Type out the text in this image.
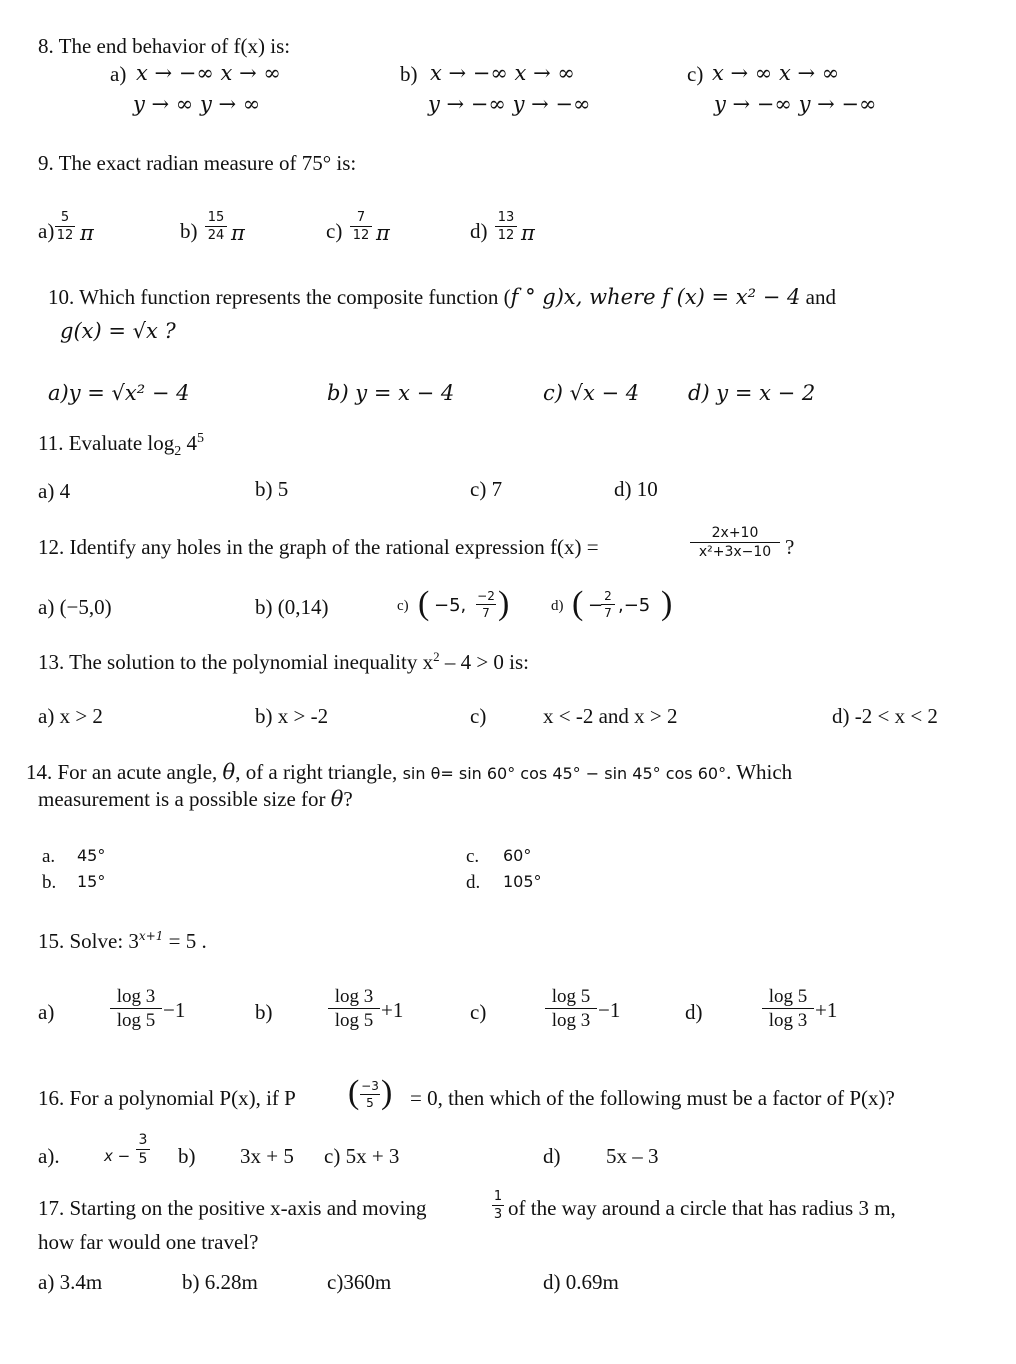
8. The end behavior of f(x) is:
a) x → −∞ x → ∞
y → ∞ y → ∞
b) x → −∞ x → ∞
y → −∞ y → −∞
c) x → ∞ x → ∞
y → −∞ y → −∞
9. The exact radian measure of 75° is:
a)
5
12 π	b)
15
24 π	c)
7
12 π	d)
13
12 π
10. Which function represents the composite function (f ° g)x, where f (x) = x² − 4 and
g(x) = √x ?
a)y = √x² − 4	b) y = x − 4	c) √x − 4 d) y = x − 2
11. Evaluate $\log_2 4^5$
a) 4	b) 5	c) 7	d) 10
12. Identify any holes in the graph of the rational expression f(x) =
2x+10
x²+3x−10 ?
a) (−5,0)	b) (0,14)	c) ( −5, −2
7 )	d) ( − 2
7 ,−5 )
13. The solution to the polynomial inequality $x^2 - 4 > 0$ is:
a) x > 2	b) x > -2	c)	x < -2 and x > 2	d) -2 < x < 2
14. For an acute angle, θ, of a right triangle, sin θ= sin 60° cos 45° − sin 45° cos 60°. Which
measurement is a possible size for θ?
a. 45°
b. 15°
c. 60°
d. 105°
15. Solve: $3^{x+1} = 5$ .
a)
log 3
log 5 −1	b)
log 3
log 5 +1	c)
log 5
log 3 −1	d)
log 5
log 3 +1
16. For a polynomial P(x), if P ( −3
5 ) = 0, then which of the following must be a factor of P(x)?
a).	x −
3
5 b) 3x + 5 c) 5x + 3	d) 5x – 3
17. Starting on the positive x-axis and moving	1
3 of the way around a circle that has radius 3 m,
how far would one travel?
a) 3.4m	b) 6.28m	c)360m	d) 0.69m
